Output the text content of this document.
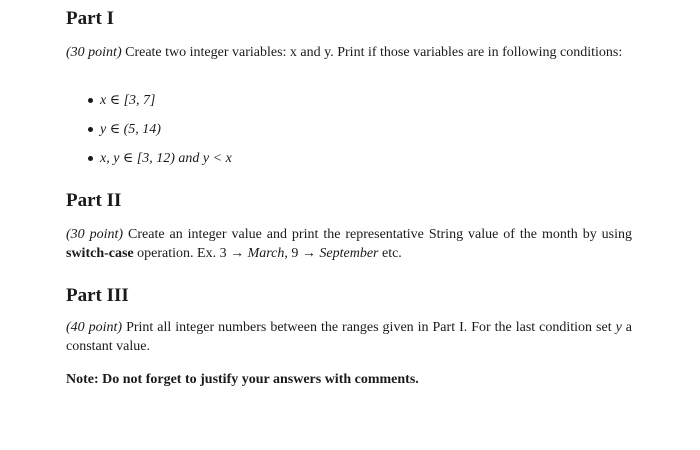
Part I

(30 point) Create two integer variables: x and y. Print if those variables are in following conditions:

x ∈ [3, 7]
y ∈ (5, 14)
x, y ∈ [3, 12) and y < x
Part II

(30 point) Create an integer value and print the representative String value of the month by using switch-case operation. Ex. 3 → March, 9 → September etc.

Part III

(40 point) Print all integer numbers between the ranges given in Part I. For the last condition set y a constant value.

Note: Do not forget to justify your answers with comments.
